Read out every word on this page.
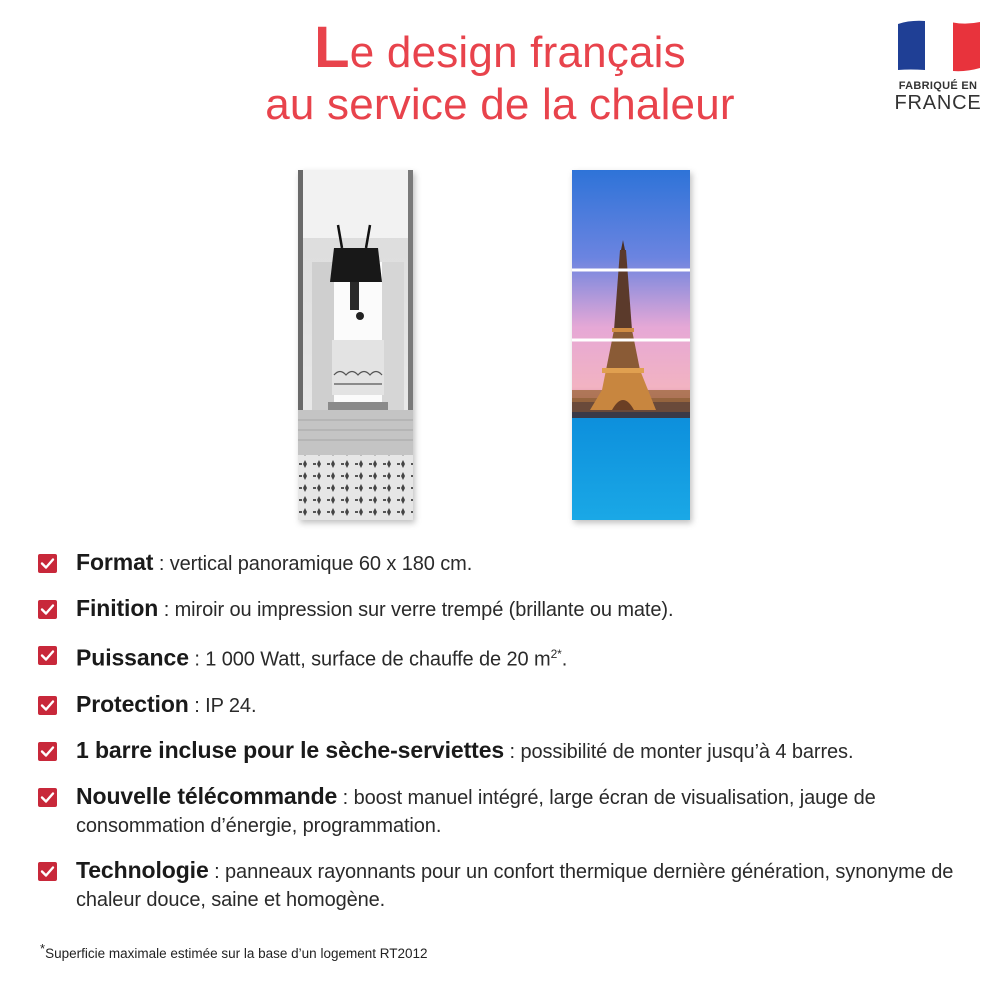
Le design français
au service de la chaleur	FABRIQUÉ EN
FRANCE
Format : vertical panoramique 60 x 180 cm.
Finition : miroir ou impression sur verre trempé (brillante ou mate).
Puissance : 1 000 Watt, surface de chauffe de 20 $m^{2*}$.
Protection : IP 24.
1 barre incluse pour le sèche-serviettes : possibilité de monter jusqu’à 4 barres.
Nouvelle télécommande : boost manuel intégré, large écran de visualisation, jauge de consommation d’énergie, programmation.
Technologie : panneaux rayonnants pour un confort thermique dernière génération, synonyme de chaleur douce, saine et homogène.
*Superficie maximale estimée sur la base d’un logement RT2012
